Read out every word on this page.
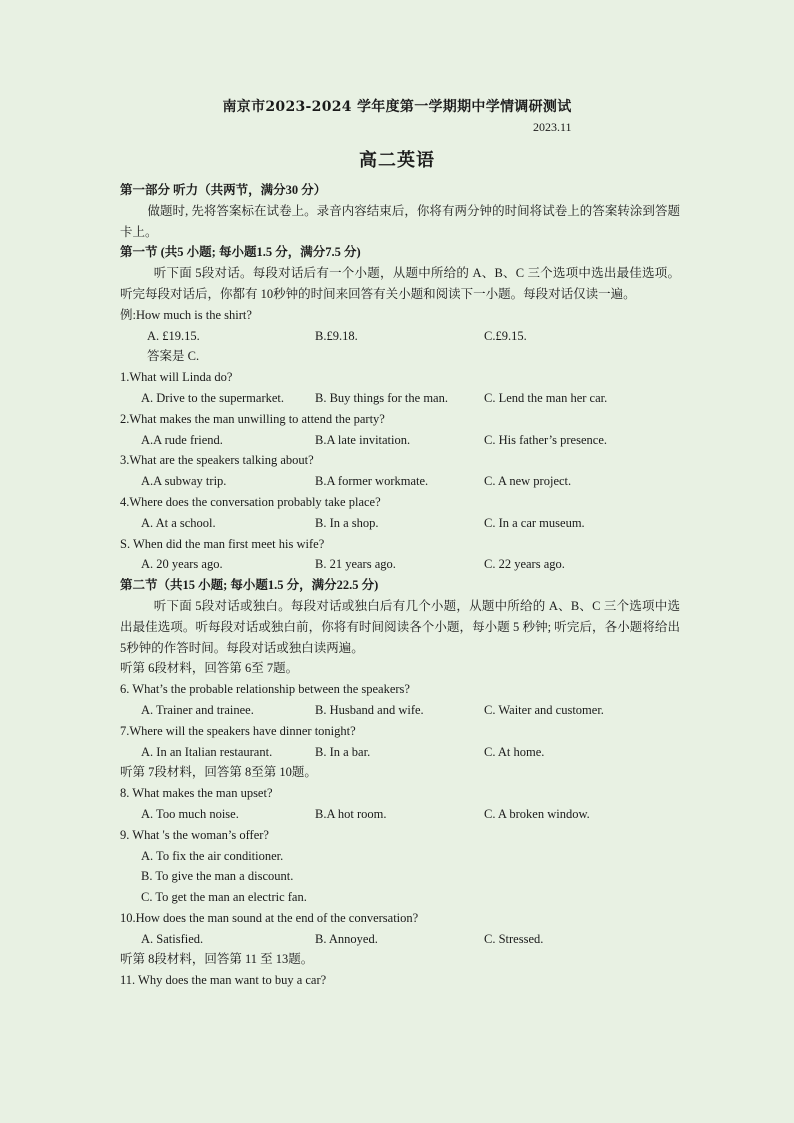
南京市2023-2024 学年度第一学期期中学情调研测试
2023.11
高二英语
第一部分 听力（共两节，满分30 分）
做题时, 先将答案标在试卷上。录音内容结束后，你将有两分钟的时间将试卷上的答案转涂到答题卡上。
第一节 (共5 小题; 每小题1.5 分，满分7.5 分)
听下面 5段对话。每段对话后有一个小题，从题中所给的 A、B、C 三个选项中选出最佳选项。听完每段对话后，你都有 10秒钟的时间来回答有关小题和阅读下一小题。每段对话仅读一遍。
例:How much is the shirt?
A. £19.15.	B.£9.18.	C.£9.15.
答案是 C.
1.What will Linda do?
A. Drive to the supermarket.	B. Buy things for the man.	C. Lend the man her car.
2.What makes the man unwilling to attend the party?
A.A rude friend.	B.A late invitation.	C. His father’s presence.
3.What are the speakers talking about?
A.A subway trip.	B.A former workmate.	C. A new project.
4.Where does the conversation probably take place?
A. At a school.	B. In a shop.	C. In a car museum.
S. When did the man first meet his wife?
A. 20 years ago.	B. 21 years ago.	C. 22 years ago.
第二节（共15 小题; 每小题1.5 分，满分22.5 分)
听下面 5段对话或独白。每段对话或独白后有几个小题，从题中所给的 A、B、C 三个选项中选出最佳选项。听每段对话或独白前，你将有时间阅读各个小题，每小题 5 秒钟; 听完后，各小题将给出 5秒钟的作答时间。每段对话或独白读两遍。
听第 6段材料，回答第 6至 7题。
6. What’s the probable relationship between the speakers?
A. Trainer and trainee.	B. Husband and wife.	C. Waiter and customer.
7.Where will the speakers have dinner tonight?
A. In an Italian restaurant.	B. In a bar.	C. At home.
听第 7段材料，回答第 8至第 10题。
8. What makes the man upset?
A. Too much noise.	B.A hot room.	C. A broken window.
9. What 's the woman’s offer?
A. To fix the air conditioner.
B. To give the man a discount.
C. To get the man an electric fan.
10.How does the man sound at the end of the conversation?
A. Satisfied.	B. Annoyed.	C. Stressed.
听第 8段材料，回答第 11 至 13题。
11. Why does the man want to buy a car?
